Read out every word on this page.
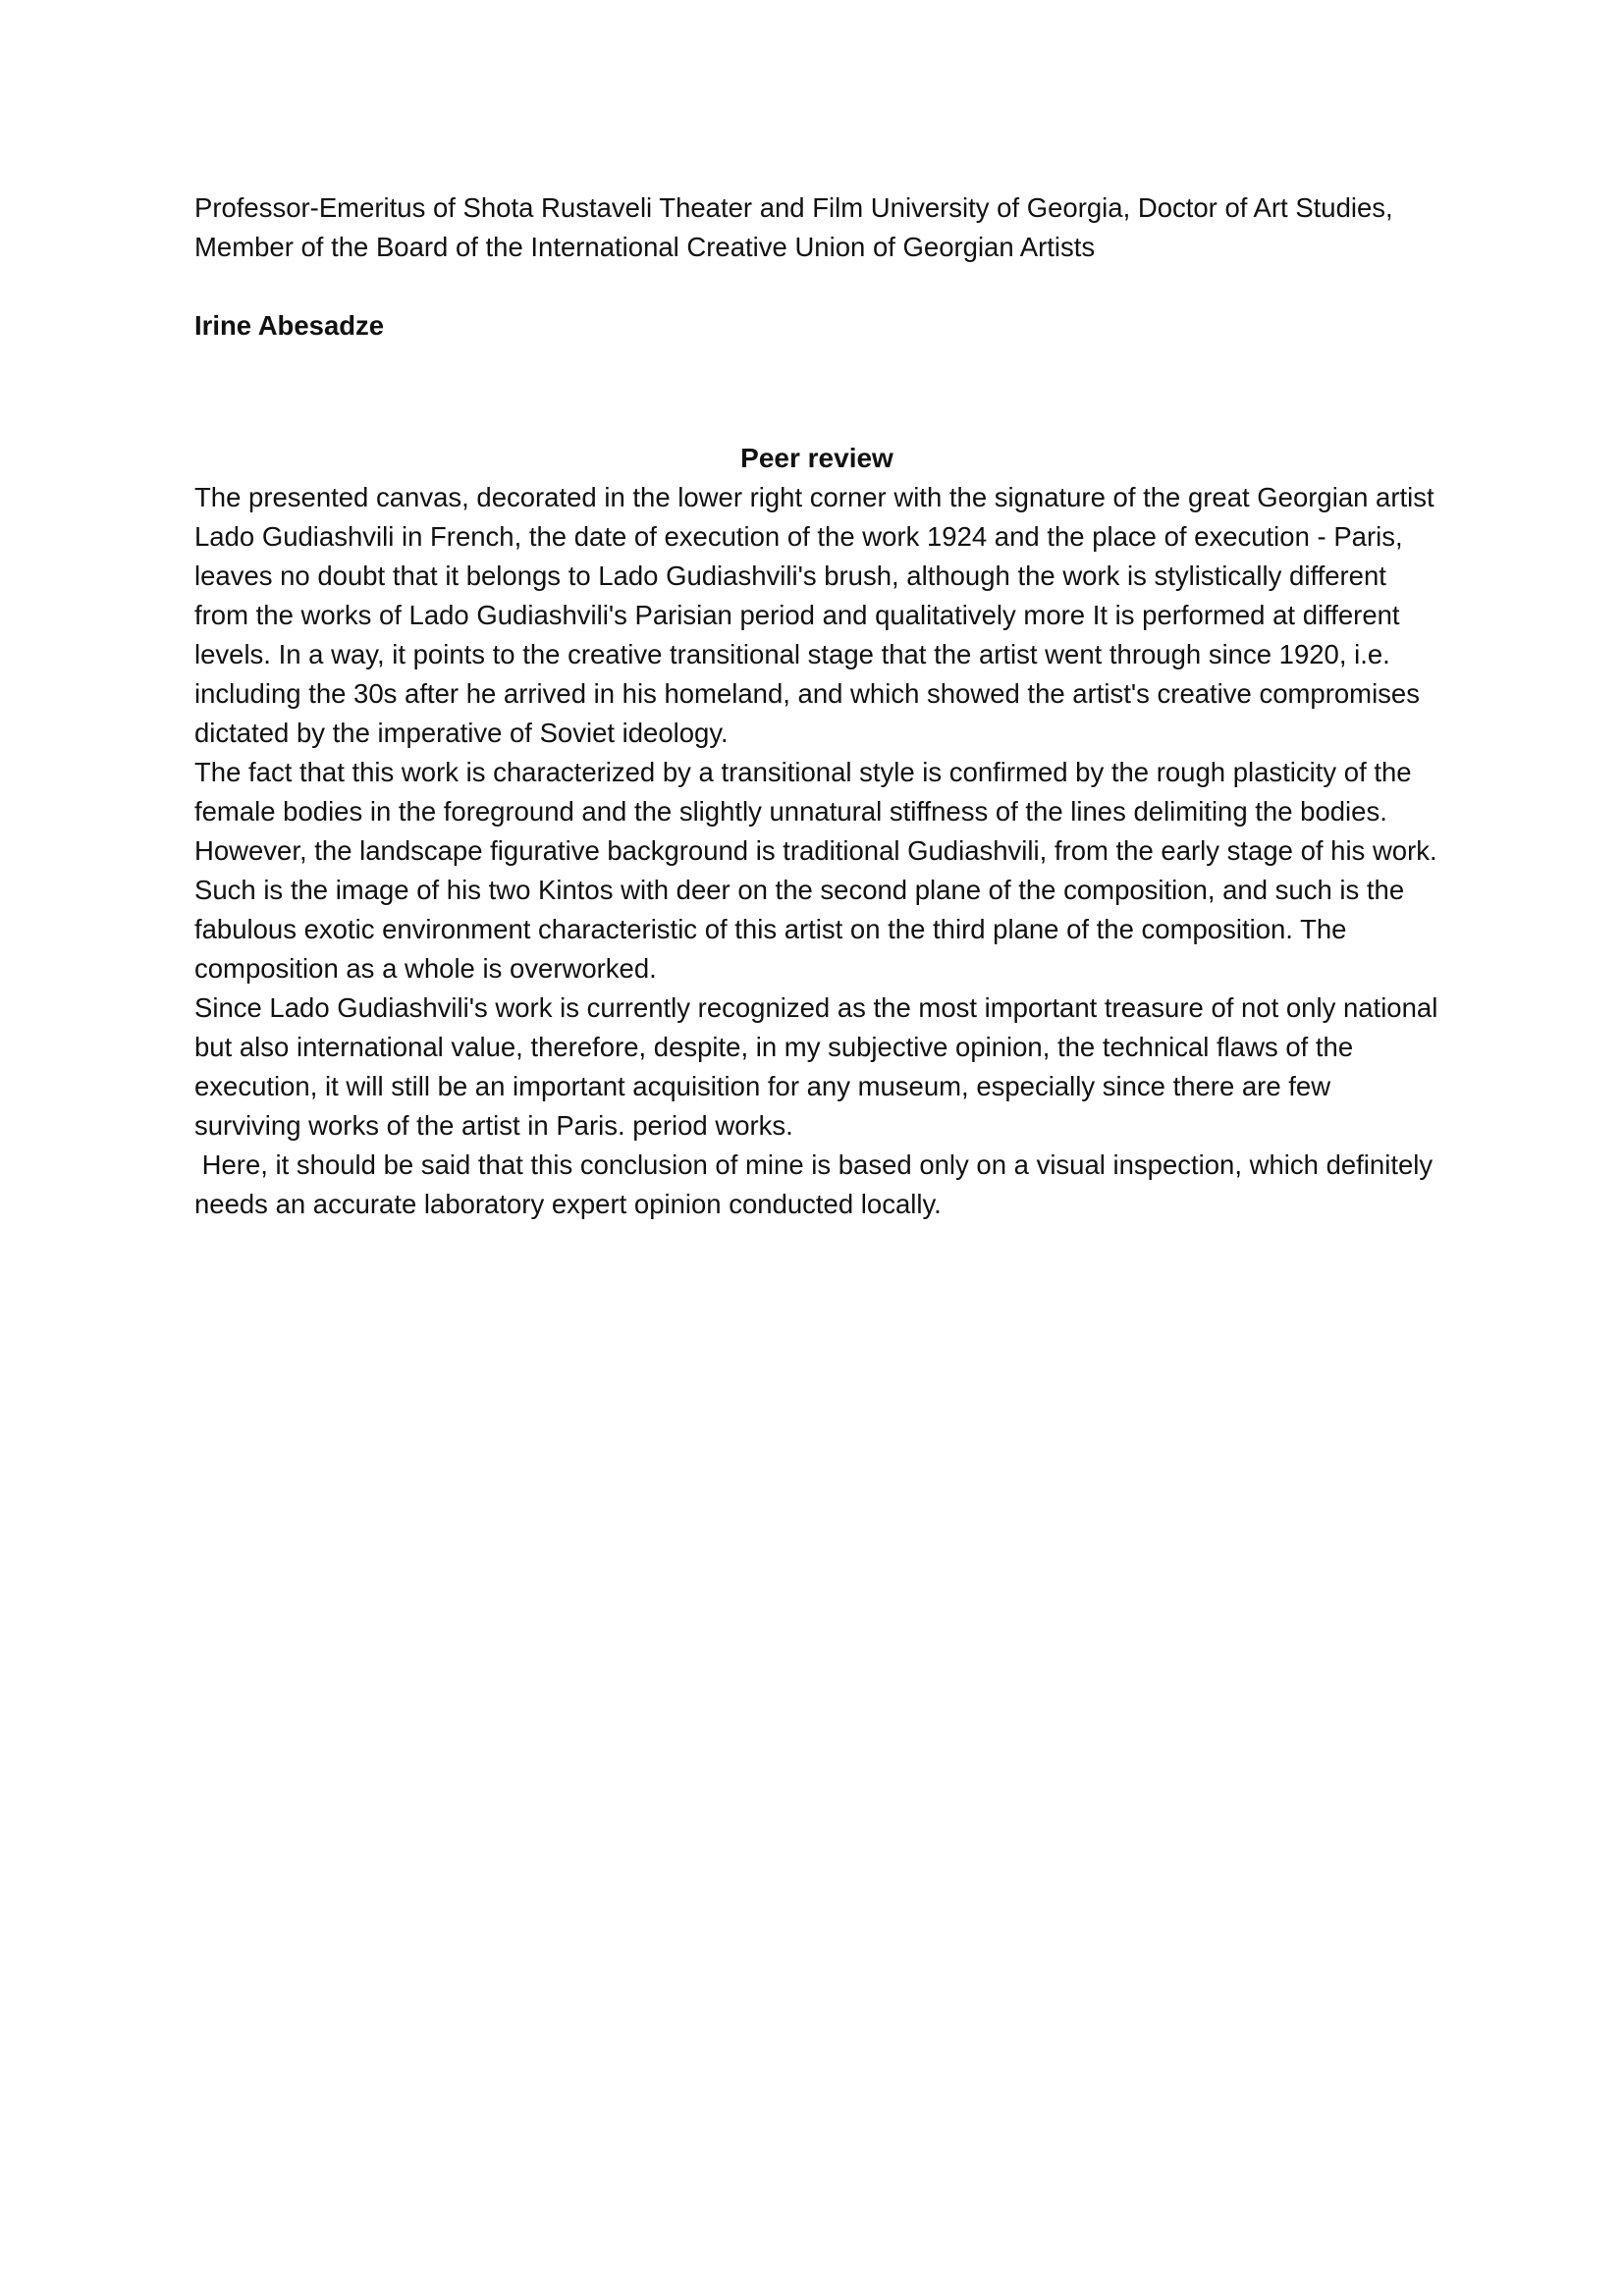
Professor-Emeritus of Shota Rustaveli Theater and Film University of Georgia, Doctor of Art Studies, Member of the Board of the International Creative Union of Georgian Artists

Irine Abesadze

Peer review

The presented canvas, decorated in the lower right corner with the signature of the great Georgian artist Lado Gudiashvili in French, the date of execution of the work 1924 and the place of execution - Paris, leaves no doubt that it belongs to Lado Gudiashvili's brush, although the work is stylistically different from the works of Lado Gudiashvili's Parisian period and qualitatively more It is performed at different levels. In a way, it points to the creative transitional stage that the artist went through since 1920, i.e. including the 30s after he arrived in his homeland, and which showed the artist's creative compromises dictated by the imperative of Soviet ideology.

The fact that this work is characterized by a transitional style is confirmed by the rough plasticity of the female bodies in the foreground and the slightly unnatural stiffness of the lines delimiting the bodies. However, the landscape figurative background is traditional Gudiashvili, from the early stage of his work. Such is the image of his two Kintos with deer on the second plane of the composition, and such is the fabulous exotic environment characteristic of this artist on the third plane of the composition. The composition as a whole is overworked.

Since Lado Gudiashvili's work is currently recognized as the most important treasure of not only national but also international value, therefore, despite, in my subjective opinion, the technical flaws of the execution, it will still be an important acquisition for any museum, especially since there are few surviving works of the artist in Paris. period works.

Here, it should be said that this conclusion of mine is based only on a visual inspection, which definitely needs an accurate laboratory expert opinion conducted locally.
